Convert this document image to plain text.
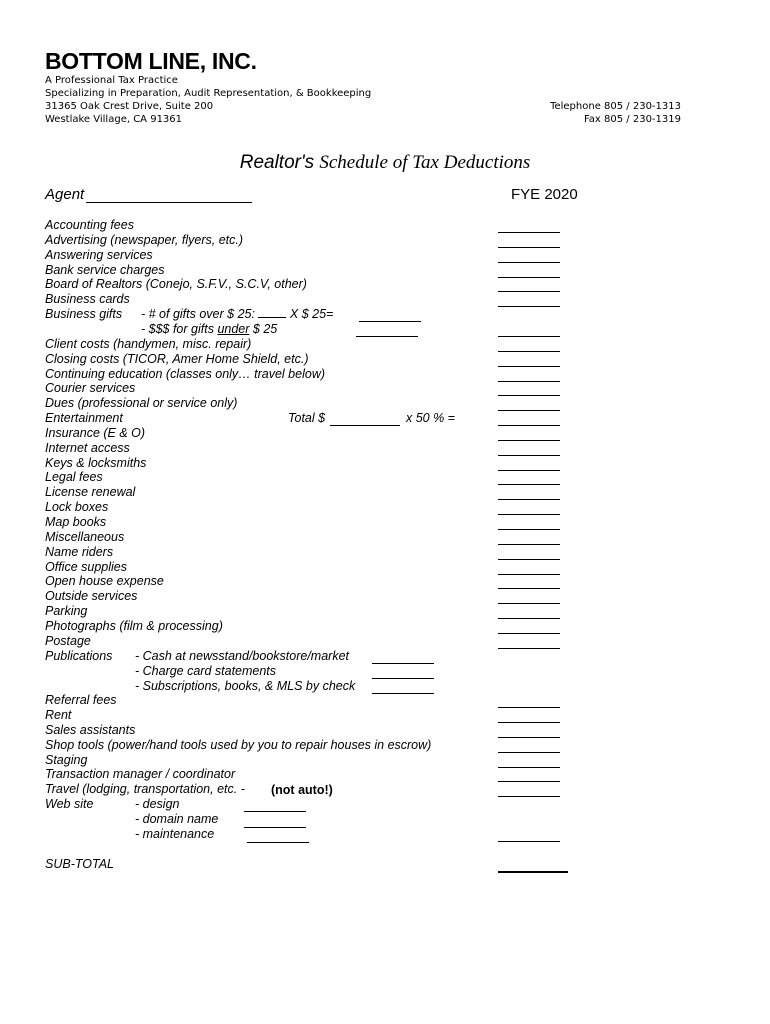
BOTTOM LINE, INC.
A Professional Tax Practice
Specializing in Preparation, Audit Representation, & Bookkeeping
31365 Oak Crest Drive, Suite 200
Westlake Village, CA 91361
Telephone 805 / 230-1313
Fax 805 / 230-1319
Realtor's Schedule of Tax Deductions
Agent	FYE 2020
Accounting fees
Advertising (newspaper, flyers, etc.)
Answering services
Bank service charges
Board of Realtors (Conejo, S.F.V., S.C.V, other)
Business cards
Business gifts
Client costs (handymen, misc. repair)
Closing costs (TICOR, Amer Home Shield, etc.)
Continuing education (classes only… travel below)
Courier services
Dues (professional or service only)
Entertainment
Insurance (E & O)
Internet access
Keys & locksmiths
Legal fees
License renewal
Lock boxes
Map books
Miscellaneous
Name riders
Office supplies
Open house expense
Outside services
Parking
Photographs (film & processing)
Postage
Publications
Referral fees
Rent
Sales assistants
Shop tools (power/hand tools used by you to repair houses in escrow)
Staging
Transaction manager / coordinator
Travel (lodging, transportation, etc. -
Web site
- # of gifts over $ 25:  X $ 25=
- $$$ for gifts under $ 25
Total $	x 50 % =
- Cash at newsstand/bookstore/market
- Charge card statements
- Subscriptions, books, & MLS by check
(not auto!)
- design
- domain name
- maintenance
SUB-TOTAL
